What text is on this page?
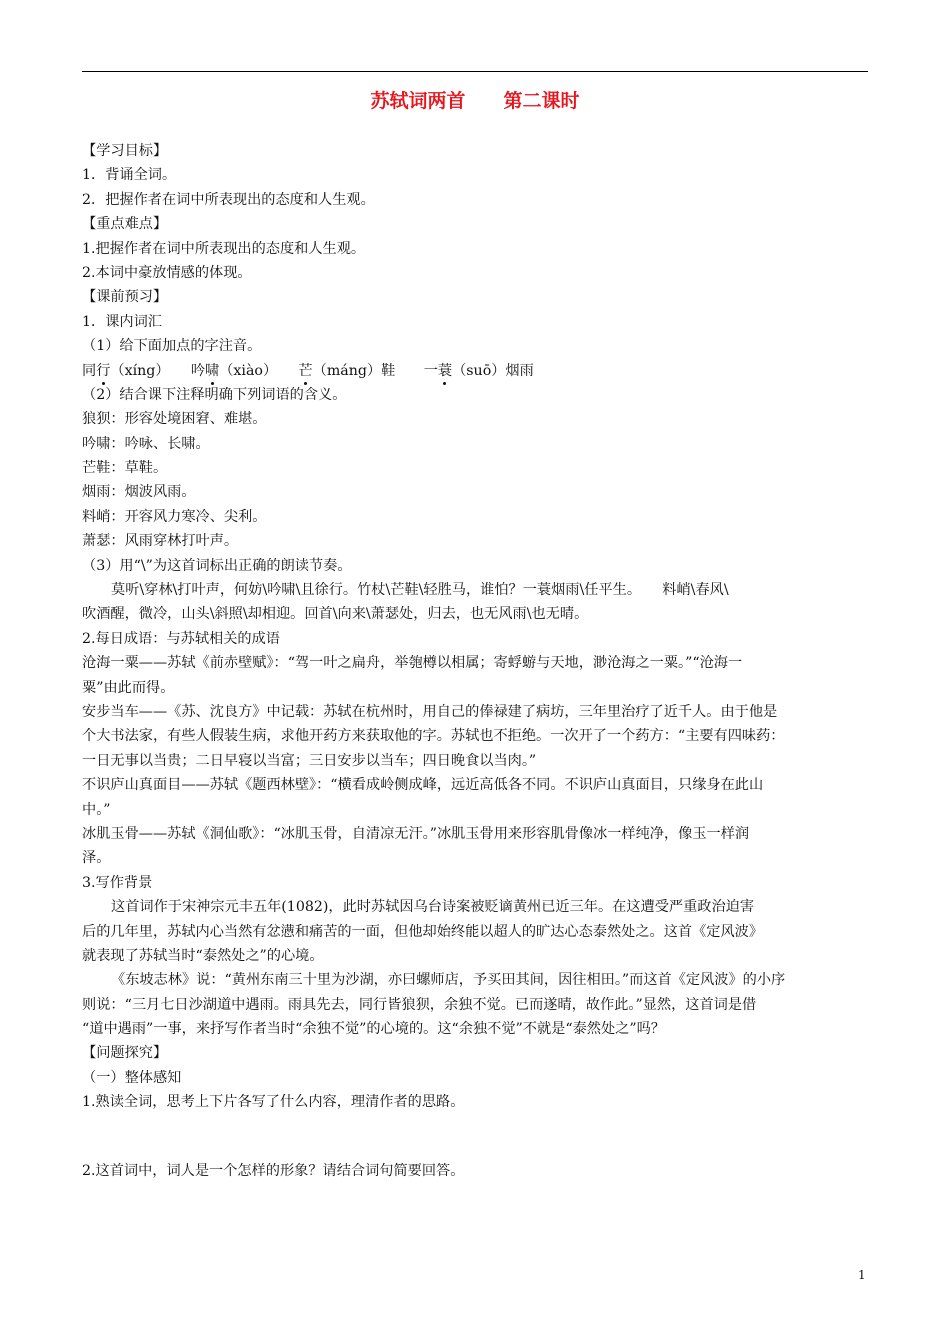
苏轼词两首　　第二课时
【学习目标】
1．背诵全词。
2．把握作者在词中所表现出的态度和人生观。
【重点难点】
1.把握作者在词中所表现出的态度和人生观。
2.本词中豪放情感的体现。
【课前预习】
1．课内词汇
（1）给下面加点的字注音。
同行（xíng）　　吟啸（xiào）　　芒（máng）鞋　　一蓑（suō）烟雨
（2）结合课下注释明确下列词语的含义。
狼狈：形容处境困窘、难堪。
吟啸：吟咏、长啸。
芒鞋：草鞋。
烟雨：烟波风雨。
料峭：开容风力寒冷、尖利。
萧瑟：风雨穿林打叶声。
（3）用“\”为这首词标出正确的朗读节奏。
莫听\穿林\打叶声，何妨\吟啸\且徐行。竹杖\芒鞋\轻胜马，谁怕？一蓑烟雨\任平生。　　料峭\春风\
吹酒醒，微冷，山头\斜照\却相迎。回首\向来\萧瑟处，归去，也无风雨\也无晴。
2.每日成语：与苏轼相关的成语
沧海一粟——苏轼《前赤壁赋》：“驾一叶之扁舟，举匏樽以相属；寄蜉蝣与天地，渺沧海之一粟。”“沧海一
粟”由此而得。
安步当车——《苏、沈良方》中记载：苏轼在杭州时，用自己的俸禄建了病坊，三年里治疗了近千人。由于他是
个大书法家，有些人假装生病，求他开药方来获取他的字。苏轼也不拒绝。一次开了一个药方：“主要有四味药：
一日无事以当贵；二日早寝以当富；三日安步以当车；四日晚食以当肉。”
不识庐山真面目——苏轼《题西林壁》：“横看成岭侧成峰，远近高低各不同。不识庐山真面目，只缘身在此山
中。”
冰肌玉骨——苏轼《洞仙歌》：“冰肌玉骨，自清凉无汗。”冰肌玉骨用来形容肌骨像冰一样纯净，像玉一样润
泽。
3.写作背景
这首词作于宋神宗元丰五年(1082)，此时苏轼因乌台诗案被贬谪黄州已近三年。在这遭受严重政治迫害
后的几年里，苏轼内心当然有忿懑和痛苦的一面，但他却始终能以超人的旷达心态泰然处之。这首《定风波》
就表现了苏轼当时“泰然处之”的心境。
《东坡志林》说：“黄州东南三十里为沙湖，亦曰螺师店，予买田其间，因往相田。”而这首《定风波》的小序
则说：“三月七日沙湖道中遇雨。雨具先去，同行皆狼狈，余独不觉。已而遂晴，故作此。”显然，这首词是借
“道中遇雨”一事，来抒写作者当时“余独不觉”的心境的。这“余独不觉”不就是“泰然处之”吗？
【问题探究】
（一）整体感知
1.熟读全词，思考上下片各写了什么内容，理清作者的思路。
2.这首词中，词人是一个怎样的形象？请结合词句简要回答。
1
